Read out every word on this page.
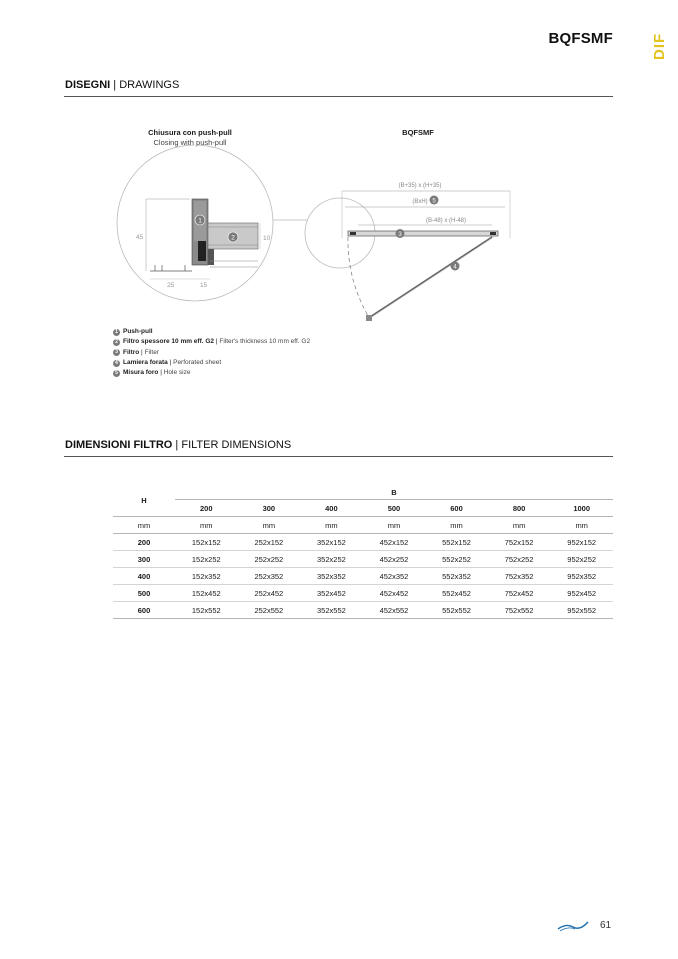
BQFSMF	DIF
DISEGNI | DRAWINGS
Chiusura con push-pull
Closing with push-pull
BQFSMF
1
2
45	10
25	15
(B+35) x (H+35)
(BxH) 5
(B-48) x (H-48)
3
4
1 Push-pull
2 Filtro spessore 10 mm eff. G2 | Filter's thickness 10 mm eff. G2
3 Filtro | Filter
4 Lamiera forata | Perforated sheet
5 Misura foro | Hole size
DIMENSIONI FILTRO | FILTER DIMENSIONS
H	B						
	200	300	400	500	600	800	1000
mm	mm	mm	mm	mm	mm	mm	mm
200	152x152	252x152	352x152	452x152	552x152	752x152	952x152
300	152x252	252x252	352x252	452x252	552x252	752x252	952x252
400	152x352	252x352	352x352	452x352	552x352	752x352	952x352
500	152x452	252x452	352x452	452x452	552x452	752x452	952x452
600	152x552	252x552	352x552	452x552	552x552	752x552	952x552
61
